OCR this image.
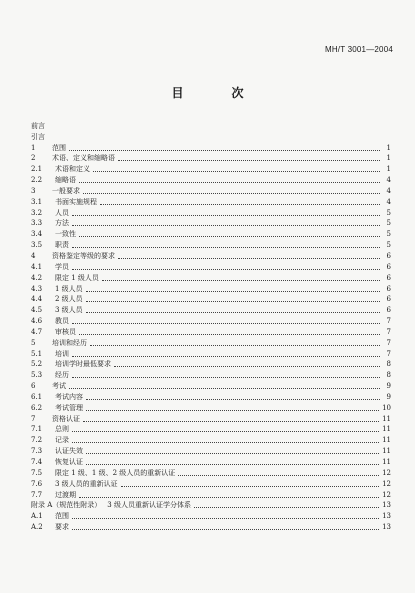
MH/T 3001—2004
目　次
前言
引言
1	范围	1
2	术语、定义和缩略语	1
2.1	术语和定义	1
2.2	缩略语	4
3	一般要求	4
3.1	书面实施规程	4
3.2	人员	5
3.3	方法	5
3.4	一致性	5
3.5	职责	5
4	资格鉴定等级的要求	6
4.1	学员	6
4.2	限定 1 级人员	6
4.3	1 级人员	6
4.4	2 级人员	6
4.5	3 级人员	6
4.6	教员	7
4.7	审核员	7
5	培训和经历	7
5.1	培训	7
5.2	培训学时最低要求	8
5.3	经历	8
6	考试	9
6.1	考试内容	9
6.2	考试管理	10
7	资格认证	11
7.1	总则	11
7.2	记录	11
7.3	认证失效	11
7.4	恢复认证	11
7.5	限定 1 级、1 级、2 级人员的重新认证	12
7.6	3 级人员的重新认证	12
7.7	过渡期	12
附录 A（规范性附录） 3 级人员重新认证学分体系	13
A.1	范围	13
A.2	要求	13
